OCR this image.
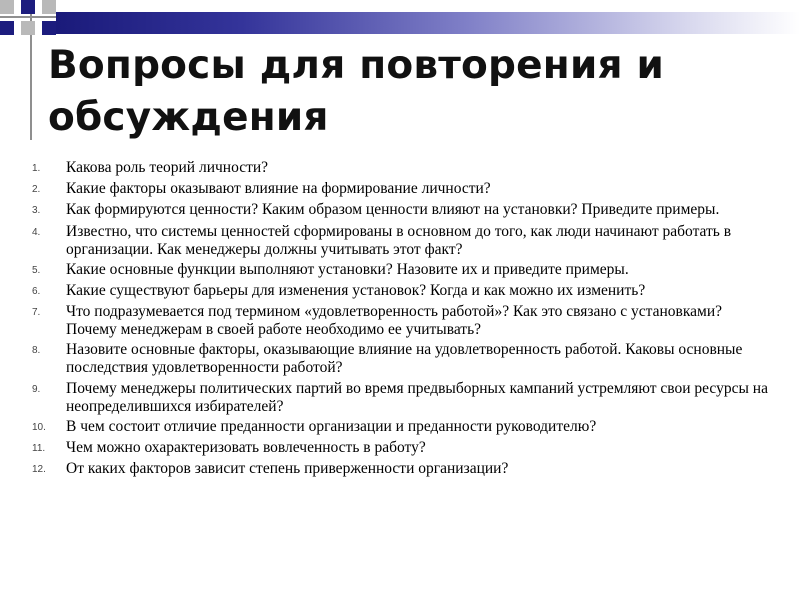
Вопросы для повторения и обсуждения
1.	Какова роль теорий личности?
2.	Какие факторы оказывают влияние на формирование личности?
3.	Как формируются ценности? Каким образом ценности влияют на установки? Приведите примеры.
4.	Известно, что системы ценностей сформированы в основном до того, как люди начинают работать в организации. Как менеджеры должны учитывать этот факт?
5.	Какие основные функции выполняют установки? Назовите их и приведите примеры.
6.	Какие существуют барьеры для изменения установок? Когда и как можно их изменить?
7.	Что подразумевается под термином «удовлетворенность работой»? Как это связано с установками? Почему менеджерам в своей работе необходимо ее учитывать?
8.	Назовите основные факторы, оказывающие влияние на удовлетворенность работой. Каковы основные последствия удовлетворенности работой?
9.	Почему менеджеры политических партий во время предвыборных кампаний устремляют свои ресурсы на неопределившихся избирателей?
10.	В чем состоит отличие преданности организации и преданности руководителю?
11.	Чем можно охарактеризовать вовлеченность в работу?
12.	От каких факторов зависит степень приверженности организации?
